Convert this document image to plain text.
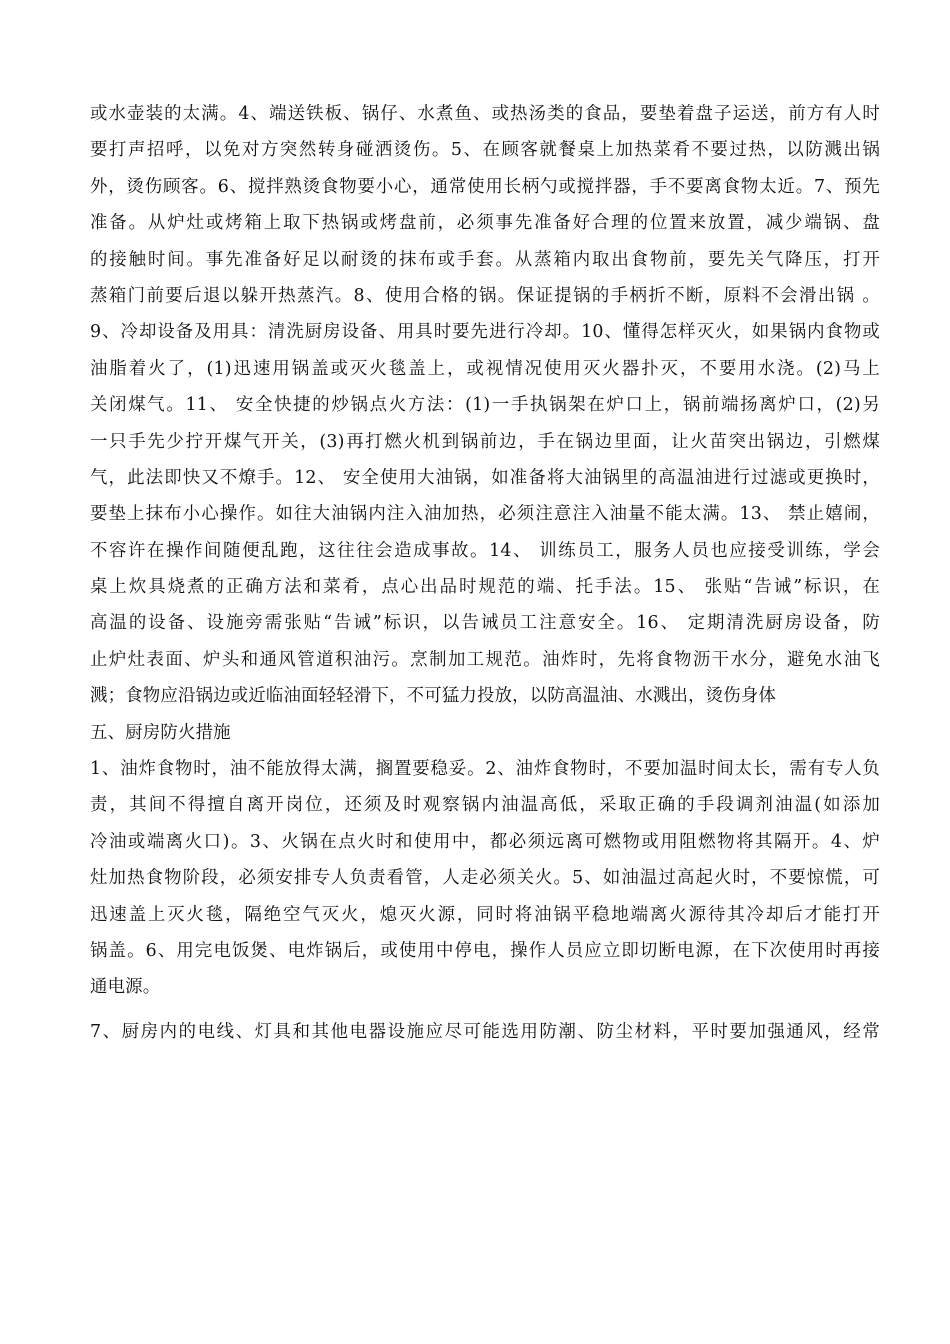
或水壶装的太满。4、端送铁板、锅仔、水煮鱼、或热汤类的食品，要垫着盘子运送，前方有人时
要打声招呼，以免对方突然转身碰洒烫伤。5、在顾客就餐桌上加热菜肴不要过热，以防溅出锅
外，烫伤顾客。6、搅拌熟烫食物要小心，通常使用长柄勺或搅拌器，手不要离食物太近。7、预先
准备。从炉灶或烤箱上取下热锅或烤盘前，必须事先准备好合理的位置来放置，减少端锅、盘
的接触时间。事先准备好足以耐烫的抹布或手套。从蒸箱内取出食物前，要先关气降压，打开
蒸箱门前要后退以躲开热蒸汽。8、使用合格的锅。保证提锅的手柄折不断，原料不会滑出锅 。
9、冷却设备及用具：清洗厨房设备、用具时要先进行冷却。10、懂得怎样灭火，如果锅内食物或
油脂着火了，(1)迅速用锅盖或灭火毯盖上，或视情况使用灭火器扑灭，不要用水浇。(2)马上
关闭煤气。11、 安全快捷的炒锅点火方法：(1)一手执锅架在炉口上，锅前端扬离炉口，(2)另
一只手先少拧开煤气开关，(3)再打燃火机到锅前边，手在锅边里面，让火苗突出锅边，引燃煤
气，此法即快又不燎手。12、 安全使用大油锅，如准备将大油锅里的高温油进行过滤或更换时，
要垫上抹布小心操作。如往大油锅内注入油加热，必须注意注入油量不能太满。13、 禁止嬉闹，
不容许在操作间随便乱跑，这往往会造成事故。14、 训练员工，服务人员也应接受训练，学会
桌上炊具烧煮的正确方法和菜肴，点心出品时规范的端、托手法。15、 张贴“告诫”标识，在
高温的设备、设施旁需张贴“告诫”标识，以告诫员工注意安全。16、 定期清洗厨房设备，防
止炉灶表面、炉头和通风管道积油污。烹制加工规范。油炸时，先将食物沥干水分，避免水油飞
溅；食物应沿锅边或近临油面轻轻滑下，不可猛力投放，以防高温油、水溅出，烫伤身体
五、厨房防火措施
1、油炸食物时，油不能放得太满，搁置要稳妥。2、油炸食物时，不要加温时间太长，需有专人负
责，其间不得擅自离开岗位，还须及时观察锅内油温高低，采取正确的手段调剂油温(如添加
冷油或端离火口)。3、火锅在点火时和使用中，都必须远离可燃物或用阻燃物将其隔开。4、炉
灶加热食物阶段，必须安排专人负责看管，人走必须关火。5、如油温过高起火时，不要惊慌，可
迅速盖上灭火毯，隔绝空气灭火，熄灭火源，同时将油锅平稳地端离火源待其冷却后才能打开
锅盖。6、用完电饭煲、电炸锅后，或使用中停电，操作人员应立即切断电源，在下次使用时再接
通电源。
7、厨房内的电线、灯具和其他电器设施应尽可能选用防潮、防尘材料，平时要加强通风，经常
